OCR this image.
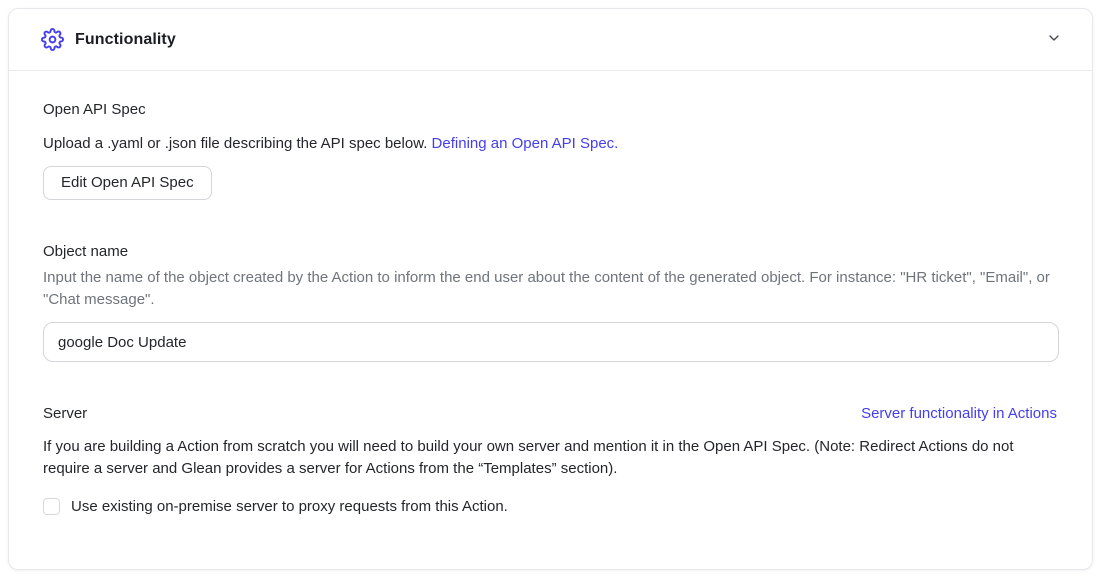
Functionality
Open API Spec
Upload a .yaml or .json file describing the API spec below. Defining an Open API Spec.
Edit Open API Spec
Object name
Input the name of the object created by the Action to inform the end user about the content of the generated object. For instance: "HR ticket", "Email", or "Chat message".
google Doc Update
Server	Server functionality in Actions
If you are building a Action from scratch you will need to build your own server and mention it in the Open API Spec. (Note: Redirect Actions do not require a server and Glean provides a server for Actions from the “Templates” section).
Use existing on-premise server to proxy requests from this Action.
